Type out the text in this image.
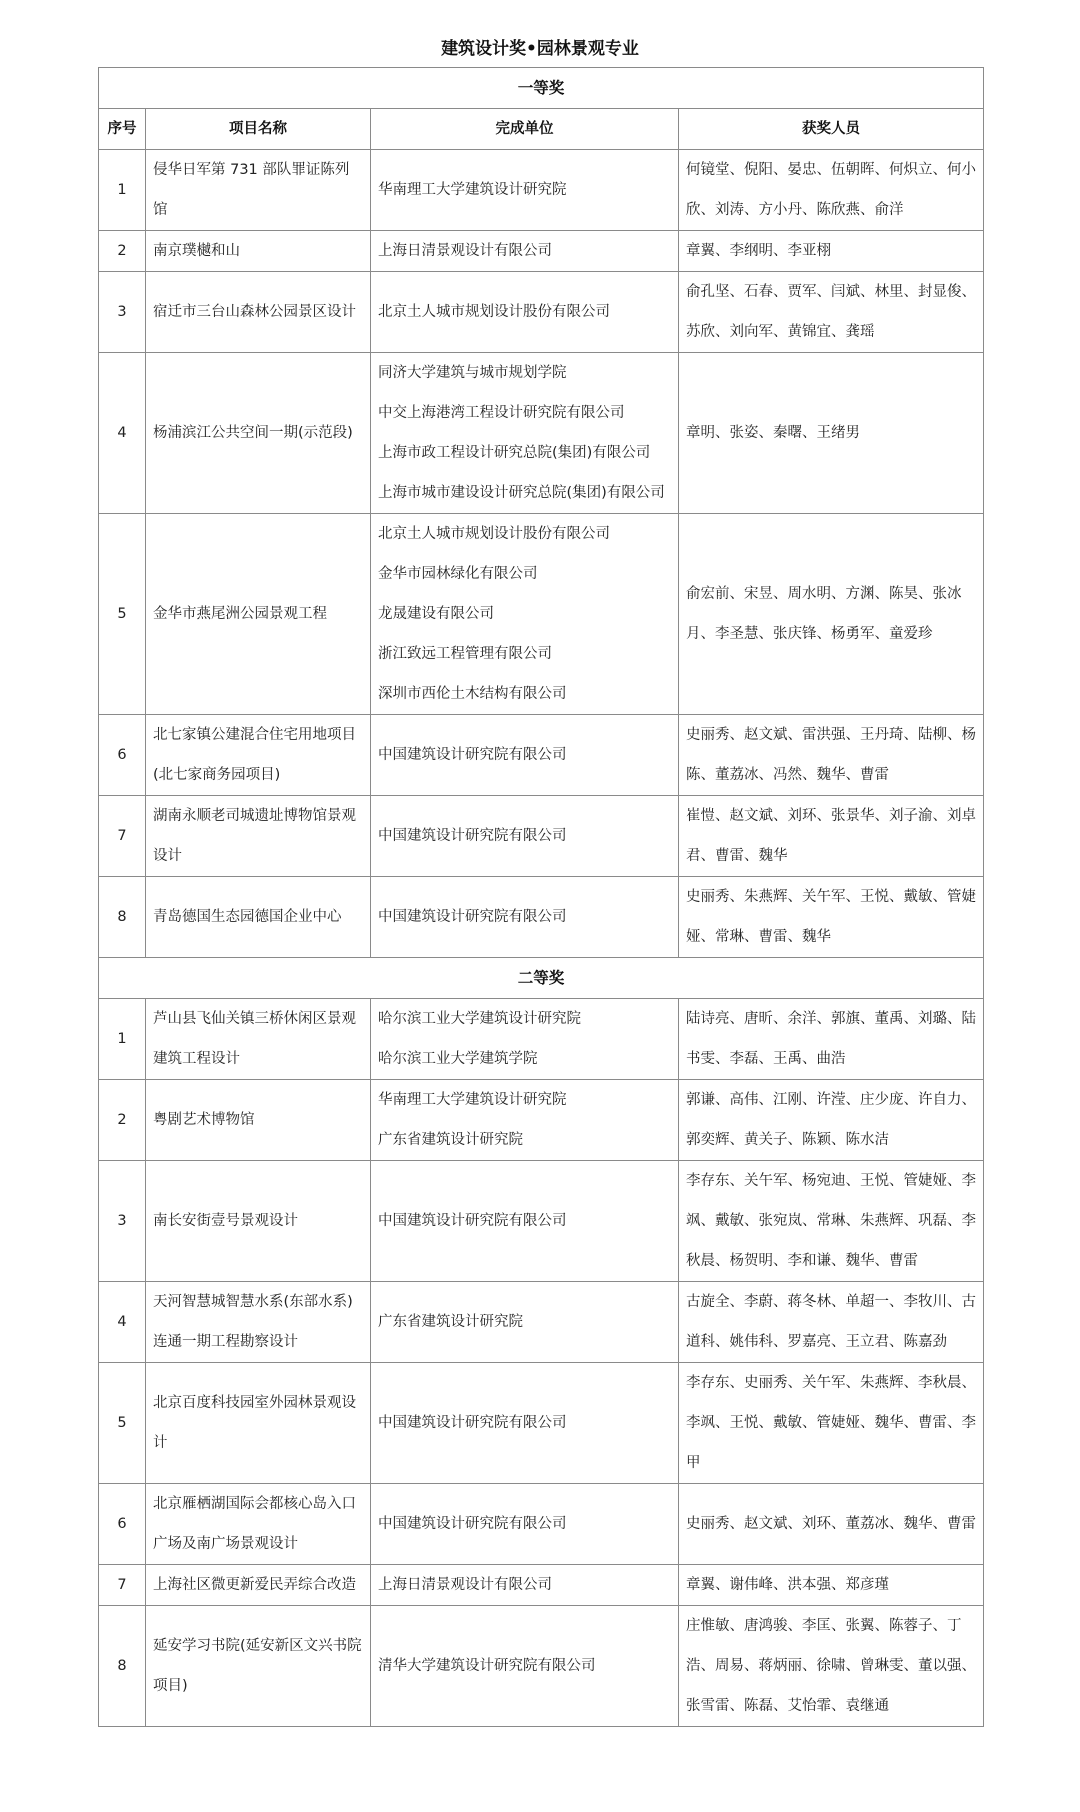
建筑设计奖•园林景观专业
一等奖			
序号	项目名称	完成单位	获奖人员
1	侵华日军第 731 部队罪证陈列馆	华南理工大学建筑设计研究院	何镜堂、倪阳、晏忠、伍朝晖、何炽立、何小欣、刘涛、方小丹、陈欣燕、俞洋
2	南京璞樾和山	上海日清景观设计有限公司	章翼、李纲明、李亚栩
3	宿迁市三台山森林公园景区设计	北京土人城市规划设计股份有限公司	俞孔坚、石春、贾军、闫斌、林里、封显俊、苏欣、刘向军、黄锦宜、龚瑶
4	杨浦滨江公共空间一期(示范段)	同济大学建筑与城市规划学院
中交上海港湾工程设计研究院有限公司
上海市政工程设计研究总院(集团)有限公司
上海市城市建设设计研究总院(集团)有限公司	章明、张姿、秦曙、王绪男
5	金华市燕尾洲公园景观工程	北京土人城市规划设计股份有限公司
金华市园林绿化有限公司
龙晟建设有限公司
浙江致远工程管理有限公司
深圳市西伦土木结构有限公司	俞宏前、宋昱、周水明、方渊、陈昊、张冰月、李圣慧、张庆锋、杨勇军、童爱珍
6	北七家镇公建混合住宅用地项目(北七家商务园项目)	中国建筑设计研究院有限公司	史丽秀、赵文斌、雷洪强、王丹琦、陆柳、杨陈、董荔冰、冯然、魏华、曹雷
7	湖南永顺老司城遗址博物馆景观设计	中国建筑设计研究院有限公司	崔愷、赵文斌、刘环、张景华、刘子渝、刘卓君、曹雷、魏华
8	青岛德国生态园德国企业中心	中国建筑设计研究院有限公司	史丽秀、朱燕辉、关午军、王悦、戴敏、管婕娅、常琳、曹雷、魏华
二等奖			
1	芦山县飞仙关镇三桥休闲区景观建筑工程设计	哈尔滨工业大学建筑设计研究院
哈尔滨工业大学建筑学院	陆诗亮、唐昕、余洋、郭旗、董禹、刘璐、陆书雯、李磊、王禹、曲浩
2	粤剧艺术博物馆	华南理工大学建筑设计研究院
广东省建筑设计研究院	郭谦、高伟、江刚、许滢、庄少庞、许自力、郭奕辉、黄关子、陈颖、陈水洁
3	南长安街壹号景观设计	中国建筑设计研究院有限公司	李存东、关午军、杨宛迪、王悦、管婕娅、李飒、戴敏、张宛岚、常琳、朱燕辉、巩磊、李秋晨、杨贺明、李和谦、魏华、曹雷
4	天河智慧城智慧水系(东部水系)连通一期工程勘察设计	广东省建筑设计研究院	古旋全、李蔚、蒋冬林、单超一、李牧川、古道科、姚伟科、罗嘉亮、王立君、陈嘉劲
5	北京百度科技园室外园林景观设计	中国建筑设计研究院有限公司	李存东、史丽秀、关午军、朱燕辉、李秋晨、李飒、王悦、戴敏、管婕娅、魏华、曹雷、李甲
6	北京雁栖湖国际会都核心岛入口广场及南广场景观设计	中国建筑设计研究院有限公司	史丽秀、赵文斌、刘环、董荔冰、魏华、曹雷
7	上海社区微更新爱民弄综合改造	上海日清景观设计有限公司	章翼、谢伟峰、洪本强、郑彦瑾
8	延安学习书院(延安新区文兴书院项目)	清华大学建筑设计研究院有限公司	庄惟敏、唐鸿骏、李匡、张翼、陈蓉子、丁浩、周易、蒋炳丽、徐啸、曾琳雯、董以强、张雪雷、陈磊、艾怡霏、袁继通
